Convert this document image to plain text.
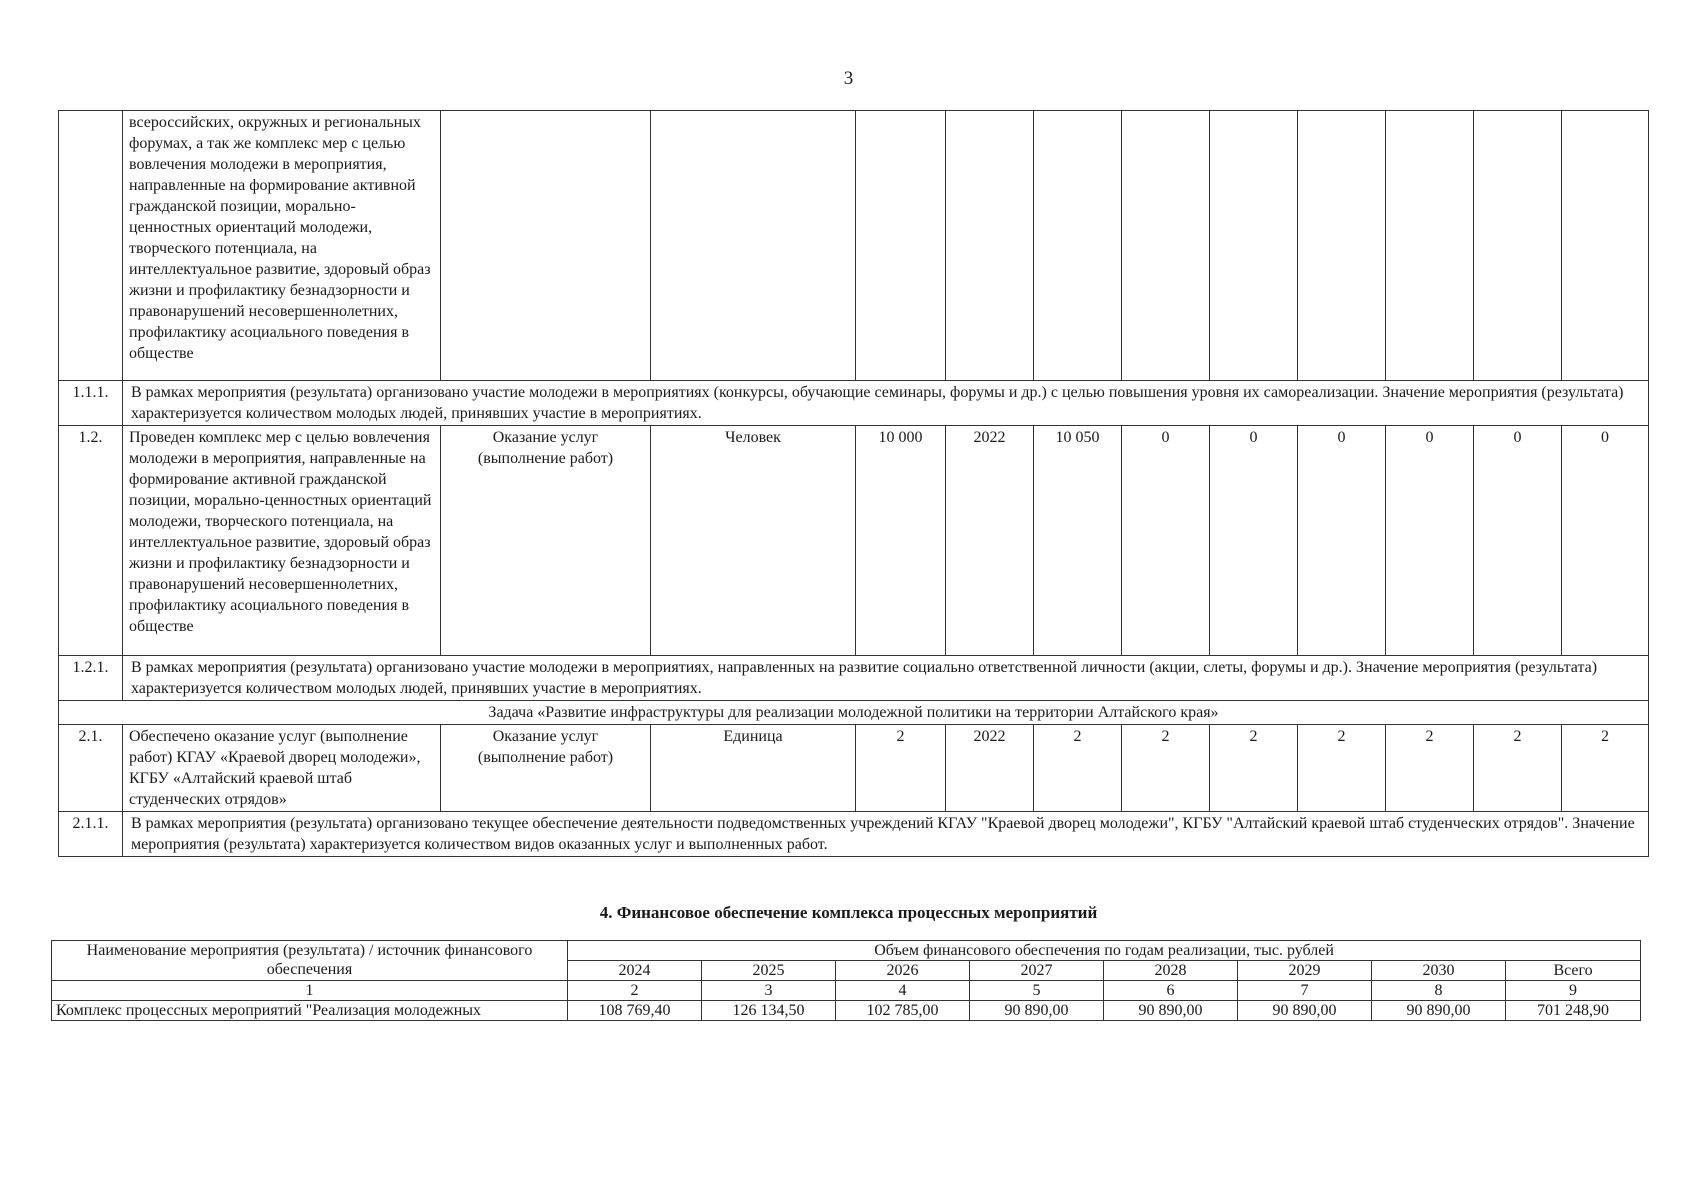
3
	всероссийских, окружных и региональных форумах, а так же комплекс мер с целью вовлечения молодежи в мероприятия, направленные на формирование активной гражданской позиции, морально-ценностных ориентаций молодежи, творческого потенциала, на интеллектуальное развитие, здоровый образ жизни и профилактику безнадзорности и правонарушений несовершеннолетних, профилактику асоциального поведения в обществе											
1.1.1.	В рамках мероприятия (результата) организовано участие молодежи в мероприятиях (конкурсы, обучающие семинары, форумы и др.) с целью повышения уровня их самореализации. Значение мероприятия (результата) характеризуется количеством молодых людей, принявших участие в мероприятиях.											
1.2.	Проведен комплекс мер с целью вовлечения молодежи в мероприятия, направленные на формирование активной гражданской позиции, морально-ценностных ориентаций молодежи, творческого потенциала, на интеллектуальное развитие, здоровый образ жизни и профилактику безнадзорности и правонарушений несовершеннолетних, профилактику асоциального поведения в обществе	Оказание услуг (выполнение работ)	Человек	10 000	2022	10 050	0	0	0	0	0	0
1.2.1.	В рамках мероприятия (результата) организовано участие молодежи в мероприятиях, направленных на развитие социально ответственной личности (акции, слеты, форумы и др.). Значение мероприятия (результата) характеризуется количеством молодых людей, принявших участие в мероприятиях.											
Задача «Развитие инфраструктуры для реализации молодежной политики на территории Алтайского края»												
2.1.	Обеспечено оказание услуг (выполнение работ) КГАУ «Краевой дворец молодежи», КГБУ «Алтайский краевой штаб студенческих отрядов»	Оказание услуг (выполнение работ)	Единица	2	2022	2	2	2	2	2	2	2
2.1.1.	В рамках мероприятия (результата) организовано текущее обеспечение деятельности подведомственных учреждений КГАУ "Краевой дворец молодежи", КГБУ "Алтайский краевой штаб студенческих отрядов". Значение мероприятия (результата) характеризуется количеством видов оказанных услуг и выполненных работ.											
4. Финансовое обеспечение комплекса процессных мероприятий
Наименование мероприятия (результата) / источник финансового обеспечения	Объем финансового обеспечения по годам реализации, тыс. рублей							
	2024	2025	2026	2027	2028	2029	2030	Всего
1	2	3	4	5	6	7	8	9
Комплекс процессных мероприятий "Реализация молодежных	108 769,40	126 134,50	102 785,00	90 890,00	90 890,00	90 890,00	90 890,00	701 248,90
